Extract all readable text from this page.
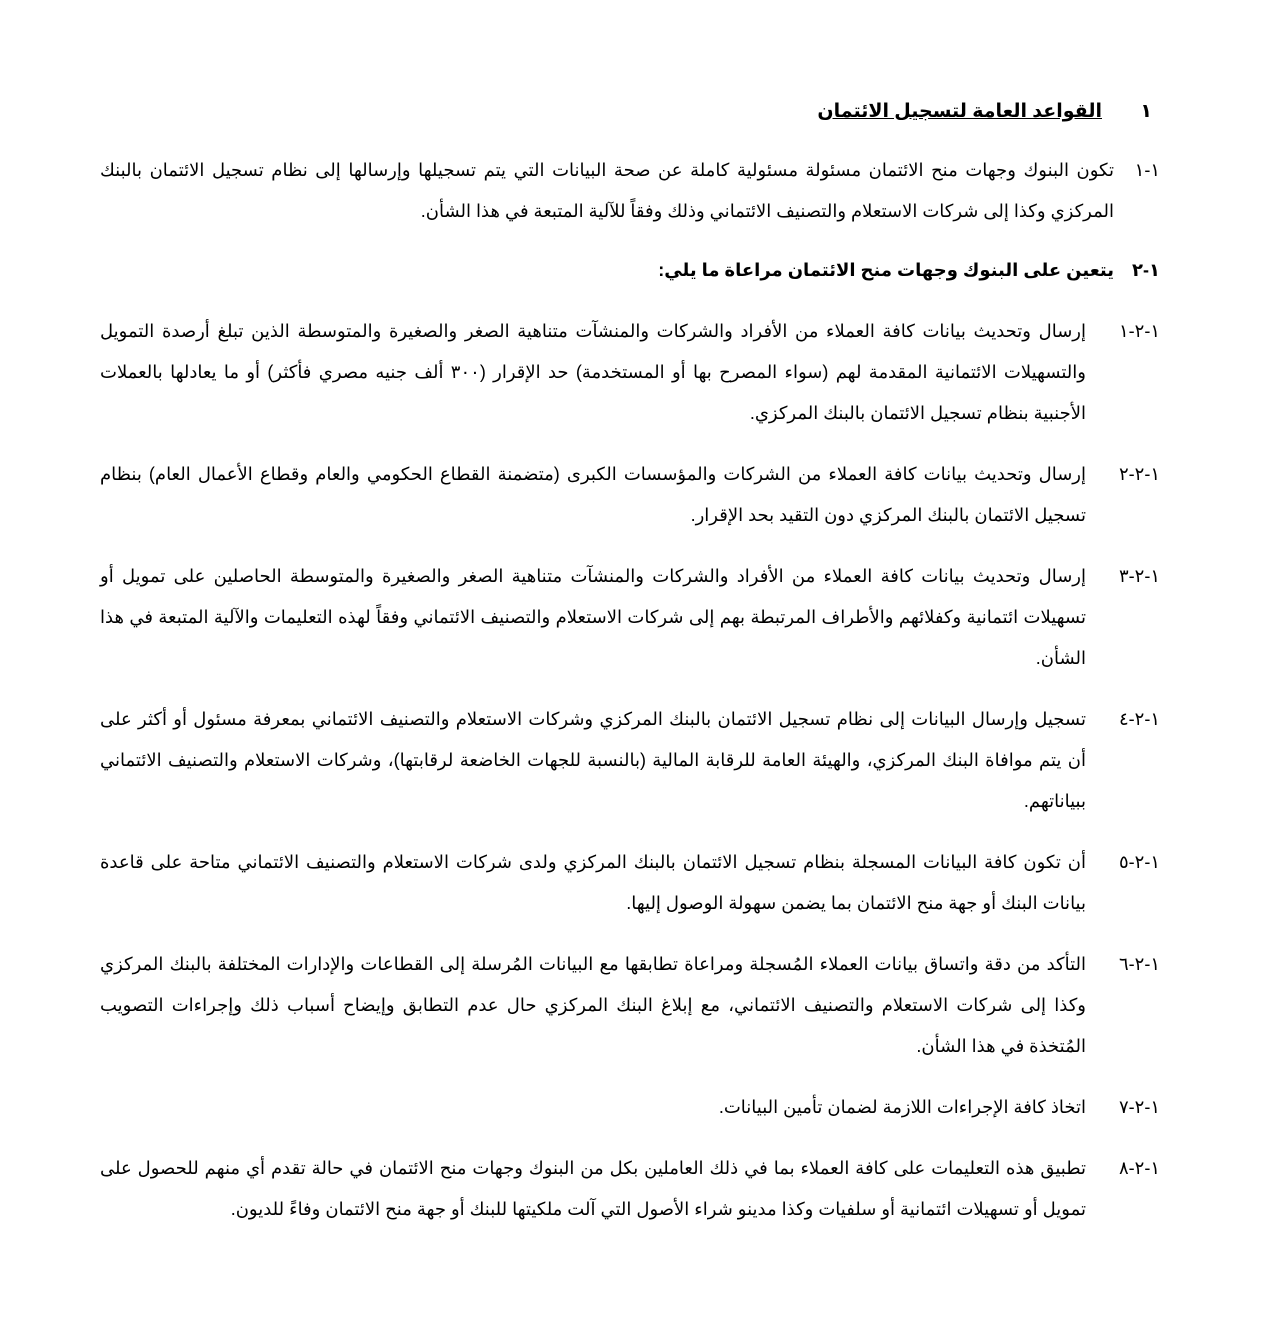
١
القواعد العامة لتسجيل الائتمان
١-١
تكون البنوك وجهات منح الائتمان مسئولة مسئولية كاملة عن صحة البيانات التي يتم تسجيلها وإرسالها إلى نظام تسجيل الائتمان بالبنك المركزي وكذا إلى شركات الاستعلام والتصنيف الائتماني وذلك وفقاً للآلية المتبعة في هذا الشأن.
١-٢
يتعين على البنوك وجهات منح الائتمان مراعاة ما يلي:
١-٢-١
إرسال وتحديث بيانات كافة العملاء من الأفراد والشركات والمنشآت متناهية الصغر والصغيرة والمتوسطة الذين تبلغ أرصدة التمويل والتسهيلات الائتمانية المقدمة لهم (سواء المصرح بها أو المستخدمة) حد الإقرار (٣٠٠ ألف جنيه مصري فأكثر) أو ما يعادلها بالعملات الأجنبية بنظام تسجيل الائتمان بالبنك المركزي.
١-٢-٢
إرسال وتحديث بيانات كافة العملاء من الشركات والمؤسسات الكبرى (متضمنة القطاع الحكومي والعام وقطاع الأعمال العام) بنظام تسجيل الائتمان بالبنك المركزي دون التقيد بحد الإقرار.
١-٢-٣
إرسال وتحديث بيانات كافة العملاء من الأفراد والشركات والمنشآت متناهية الصغر والصغيرة والمتوسطة الحاصلين على تمويل أو تسهيلات ائتمانية وكفلائهم والأطراف المرتبطة بهم إلى شركات الاستعلام والتصنيف الائتماني وفقاً لهذه التعليمات والآلية المتبعة في هذا الشأن.
١-٢-٤
تسجيل وإرسال البيانات إلى نظام تسجيل الائتمان بالبنك المركزي وشركات الاستعلام والتصنيف الائتماني بمعرفة مسئول أو أكثر على أن يتم موافاة البنك المركزي، والهيئة العامة للرقابة المالية (بالنسبة للجهات الخاضعة لرقابتها)، وشركات الاستعلام والتصنيف الائتماني ببياناتهم.
١-٢-٥
أن تكون كافة البيانات المسجلة بنظام تسجيل الائتمان بالبنك المركزي ولدى شركات الاستعلام والتصنيف الائتماني متاحة على قاعدة بيانات البنك أو جهة منح الائتمان بما يضمن سهولة الوصول إليها.
١-٢-٦
التأكد من دقة واتساق بيانات العملاء المُسجلة ومراعاة تطابقها مع البيانات المُرسلة إلى القطاعات والإدارات المختلفة بالبنك المركزي وكذا إلى شركات الاستعلام والتصنيف الائتماني، مع إبلاغ البنك المركزي حال عدم التطابق وإيضاح أسباب ذلك وإجراءات التصويب المُتخذة في هذا الشأن.
١-٢-٧
اتخاذ كافة الإجراءات اللازمة لضمان تأمين البيانات.
١-٢-٨
تطبيق هذه التعليمات على كافة العملاء بما في ذلك العاملين بكل من البنوك وجهات منح الائتمان في حالة تقدم أي منهم للحصول على تمويل أو تسهيلات ائتمانية أو سلفيات وكذا مدينو شراء الأصول التي آلت ملكيتها للبنك أو جهة منح الائتمان وفاءً للديون.
